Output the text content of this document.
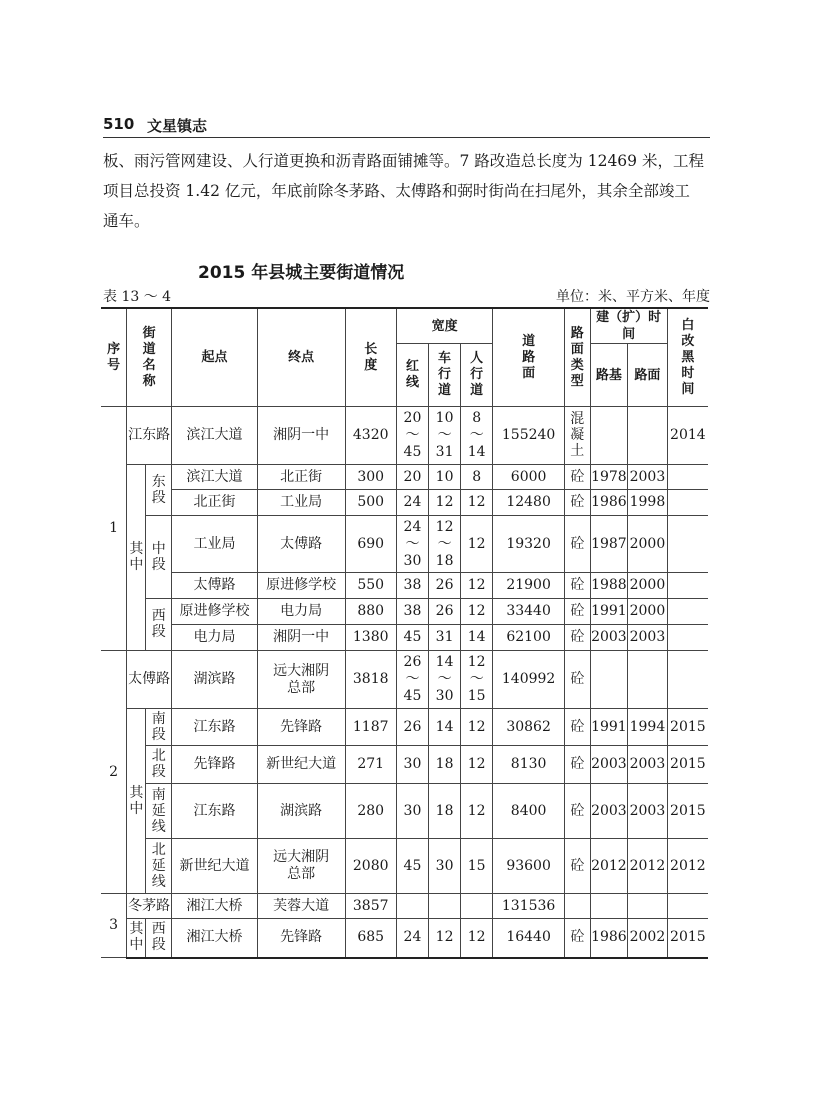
510 文星镇志
板、雨污管网建设、人行道更换和沥青路面铺摊等。7 路改造总长度为 12469 米，工程
项目总投资 1.42 亿元，年底前除冬茅路、太傅路和弼时街尚在扫尾外，其余全部竣工
通车。
2015 年县城主要街道情况
表 13 ～ 4	单位：米、平方米、年度
序号	街道名称		起点	终点	长度	宽度			道路面	路面类型	建（扩）时间		白改黑时间
						红线	车行道	人行道			路基	路面	
1	江东路		滨江大道	湘阴一中	4320	20
～
45	10
～
31	8
～
14	155240	混凝土			2014
	其中	东段	滨江大道	北正街	300	20	10	8	6000	砼	1978	2003	
			北正街	工业局	500	24	12	12	12480	砼	1986	1998	
		中段	工业局	太傅路	690	24
～
30	12
～
18	12	19320	砼	1987	2000	
			太傅路	原进修学校	550	38	26	12	21900	砼	1988	2000	
		西段	原进修学校	电力局	880	38	26	12	33440	砼	1991	2000	
			电力局	湘阴一中	1380	45	31	14	62100	砼	2003	2003	
2	太傅路		湖滨路	远大湘阴
总部	3818	26
～
45	14
～
30	12
～
15	140992	砼			
	其中	南段	江东路	先锋路	1187	26	14	12	30862	砼	1991	1994	2015
		北段	先锋路	新世纪大道	271	30	18	12	8130	砼	2003	2003	2015
		南延线	江东路	湖滨路	280	30	18	12	8400	砼	2003	2003	2015
		北延线	新世纪大道	远大湘阴
总部	2080	45	30	15	93600	砼	2012	2012	2012
3	冬茅路		湘江大桥	芙蓉大道	3857				131536				
	其中	西段	湘江大桥	先锋路	685	24	12	12	16440	砼	1986	2002	2015
